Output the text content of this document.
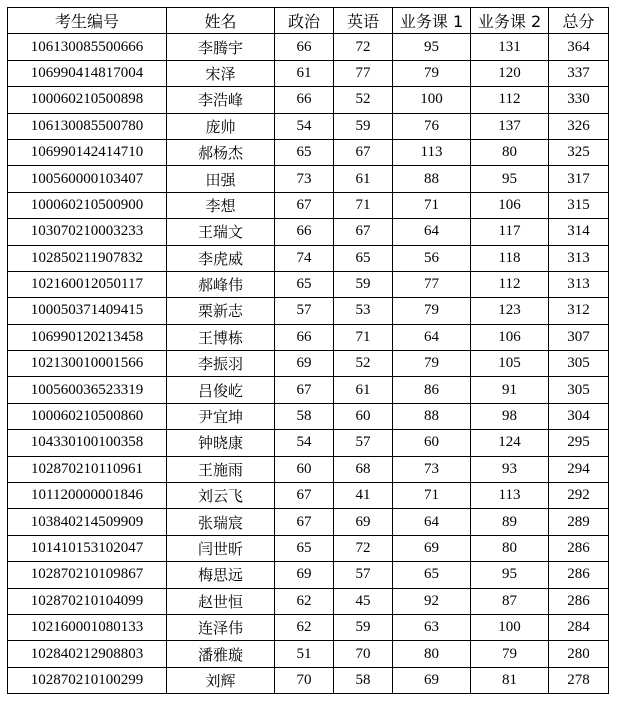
考生编号	姓名	政治	英语	业务课 1	业务课 2	总分
106130085500666	李腾宇	66	72	95	131	364
106990414817004	宋泽	61	77	79	120	337
100060210500898	李浩峰	66	52	100	112	330
106130085500780	庞帅	54	59	76	137	326
106990142414710	郝杨杰	65	67	113	80	325
100560000103407	田强	73	61	88	95	317
100060210500900	李想	67	71	71	106	315
103070210003233	王瑞文	66	67	64	117	314
102850211907832	李虎威	74	65	56	118	313
102160012050117	郝峰伟	65	59	77	112	313
100050371409415	栗新志	57	53	79	123	312
106990120213458	王博栋	66	71	64	106	307
102130010001566	李振羽	69	52	79	105	305
100560036523319	吕俊屹	67	61	86	91	305
100060210500860	尹宜坤	58	60	88	98	304
104330100100358	钟晓康	54	57	60	124	295
102870210110961	王施雨	60	68	73	93	294
101120000001846	刘云飞	67	41	71	113	292
103840214509909	张瑞宸	67	69	64	89	289
101410153102047	闫世昕	65	72	69	80	286
102870210109867	梅思远	69	57	65	95	286
102870210104099	赵世恒	62	45	92	87	286
102160001080133	连泽伟	62	59	63	100	284
102840212908803	潘雅璇	51	70	80	79	280
102870210100299	刘辉	70	58	69	81	278
